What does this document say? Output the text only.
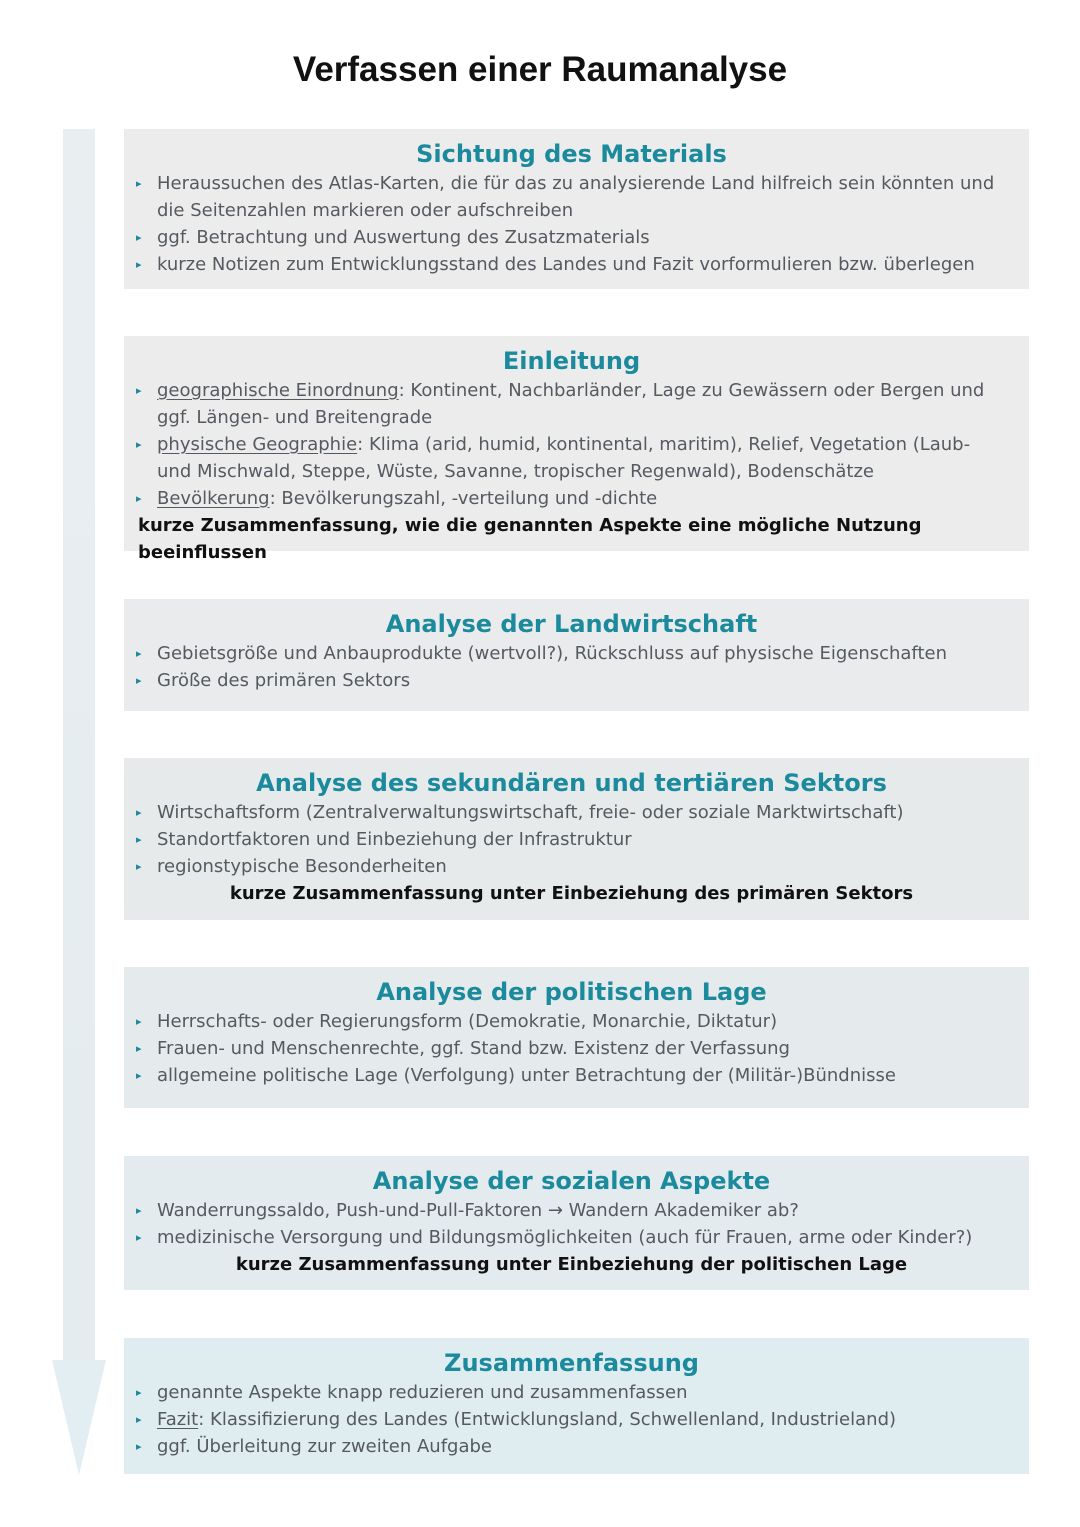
Verfassen einer Raumanalyse
Sichtung des Materials
▸ Heraussuchen des Atlas-Karten, die für das zu analysierende Land hilfreich sein könnten und die Seitenzahlen markieren oder aufschreiben
▸ ggf. Betrachtung und Auswertung des Zusatzmaterials
▸ kurze Notizen zum Entwicklungsstand des Landes und Fazit vorformulieren bzw. überlegen
Einleitung
▸ geographische Einordnung: Kontinent, Nachbarländer, Lage zu Gewässern oder Bergen und ggf. Längen- und Breitengrade
▸ physische Geographie: Klima (arid, humid, kontinental, maritim), Relief, Vegetation (Laub- und Mischwald, Steppe, Wüste, Savanne, tropischer Regenwald), Bodenschätze
▸ Bevölkerung: Bevölkerungszahl, -verteilung und -dichte

kurze Zusammenfassung, wie die genannten Aspekte eine mögliche Nutzung beeinflussen

Analyse der Landwirtschaft
▸ Gebietsgröße und Anbauprodukte (wertvoll?), Rückschluss auf physische Eigenschaften
▸ Größe des primären Sektors
Analyse des sekundären und tertiären Sektors
▸ Wirtschaftsform (Zentralverwaltungswirtschaft, freie- oder soziale Marktwirtschaft)
▸ Standortfaktoren und Einbeziehung der Infrastruktur
▸ regionstypische Besonderheiten

kurze Zusammenfassung unter Einbeziehung des primären Sektors

Analyse der politischen Lage
▸ Herrschafts- oder Regierungsform (Demokratie, Monarchie, Diktatur)
▸ Frauen- und Menschenrechte, ggf. Stand bzw. Existenz der Verfassung
▸ allgemeine politische Lage (Verfolgung) unter Betrachtung der (Militär-)Bündnisse
Analyse der sozialen Aspekte
▸ Wanderrungssaldo, Push-und-Pull-Faktoren → Wandern Akademiker ab?
▸ medizinische Versorgung und Bildungsmöglichkeiten (auch für Frauen, arme oder Kinder?)

kurze Zusammenfassung unter Einbeziehung der politischen Lage

Zusammenfassung
▸ genannte Aspekte knapp reduzieren und zusammenfassen
▸ Fazit: Klassifizierung des Landes (Entwicklungsland, Schwellenland, Industrieland)
▸ ggf. Überleitung zur zweiten Aufgabe
